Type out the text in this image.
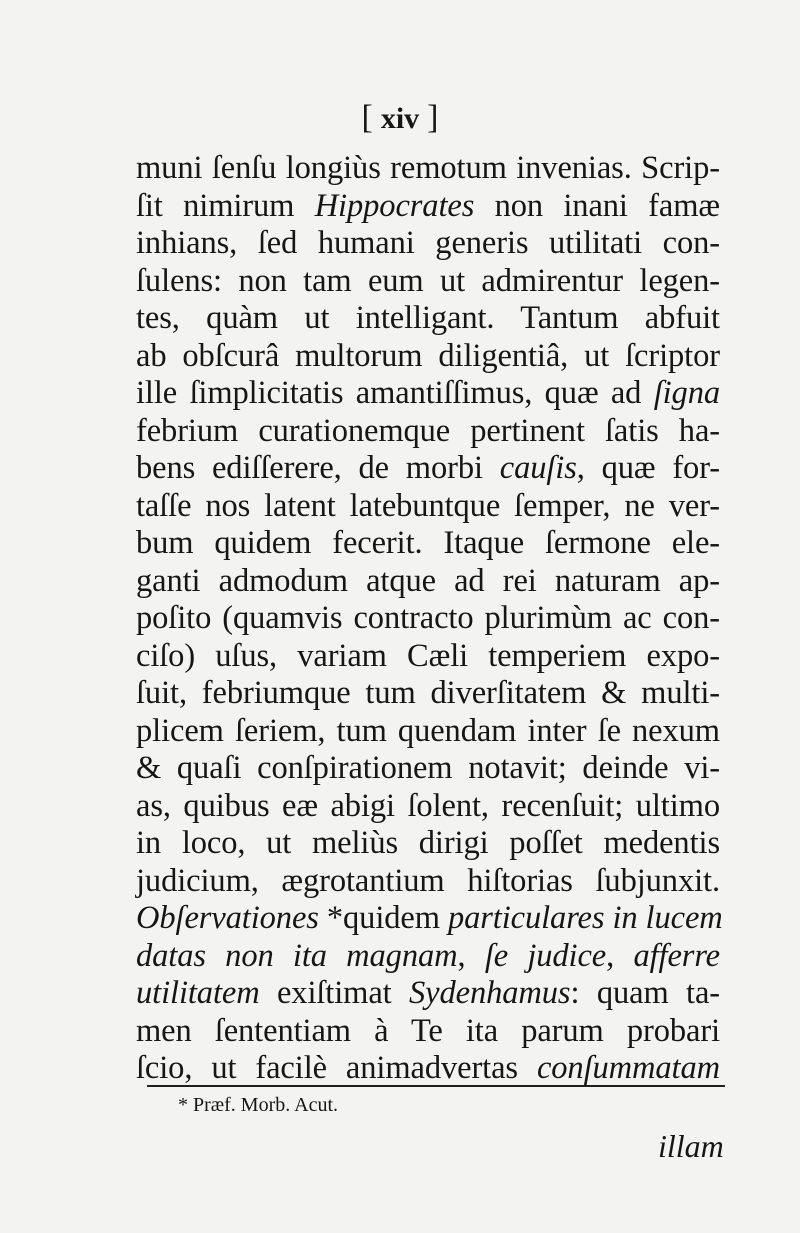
[ xiv ]
muni ſenſu longiùs remotum invenias. Scrip-
ſit nimirum Hippocrates non inani famæ
inhians, ſed humani generis utilitati con-
ſulens: non tam eum ut admirentur legen-
tes, quàm ut intelligant. Tantum abfuit
ab obſcurâ multorum diligentiâ, ut ſcriptor
ille ſimplicitatis amantiſſimus, quæ ad ſigna
febrium curationemque pertinent ſatis ha-
bens ediſſerere, de morbi cauſis, quæ for-
taſſe nos latent latebuntque ſemper, ne ver-
bum quidem fecerit. Itaque ſermone ele-
ganti admodum atque ad rei naturam ap-
poſito (quamvis contracto plurimùm ac con-
ciſo) uſus, variam Cæli temperiem expo-
ſuit, febriumque tum diverſitatem & multi-
plicem ſeriem, tum quendam inter ſe nexum
& quaſi conſpirationem notavit; deinde vi-
as, quibus eæ abigi ſolent, recenſuit; ultimo
in loco, ut meliùs dirigi poſſet medentis
judicium, ægrotantium hiſtorias ſubjunxit.
Obſervationes *quidem particulares in lucem
datas non ita magnam, ſe judice, afferre
utilitatem exiſtimat Sydenhamus: quam ta-
men ſententiam à Te ita parum probari
ſcio, ut facilè animadvertas conſummatam
* Præf. Morb. Acut.
illam
